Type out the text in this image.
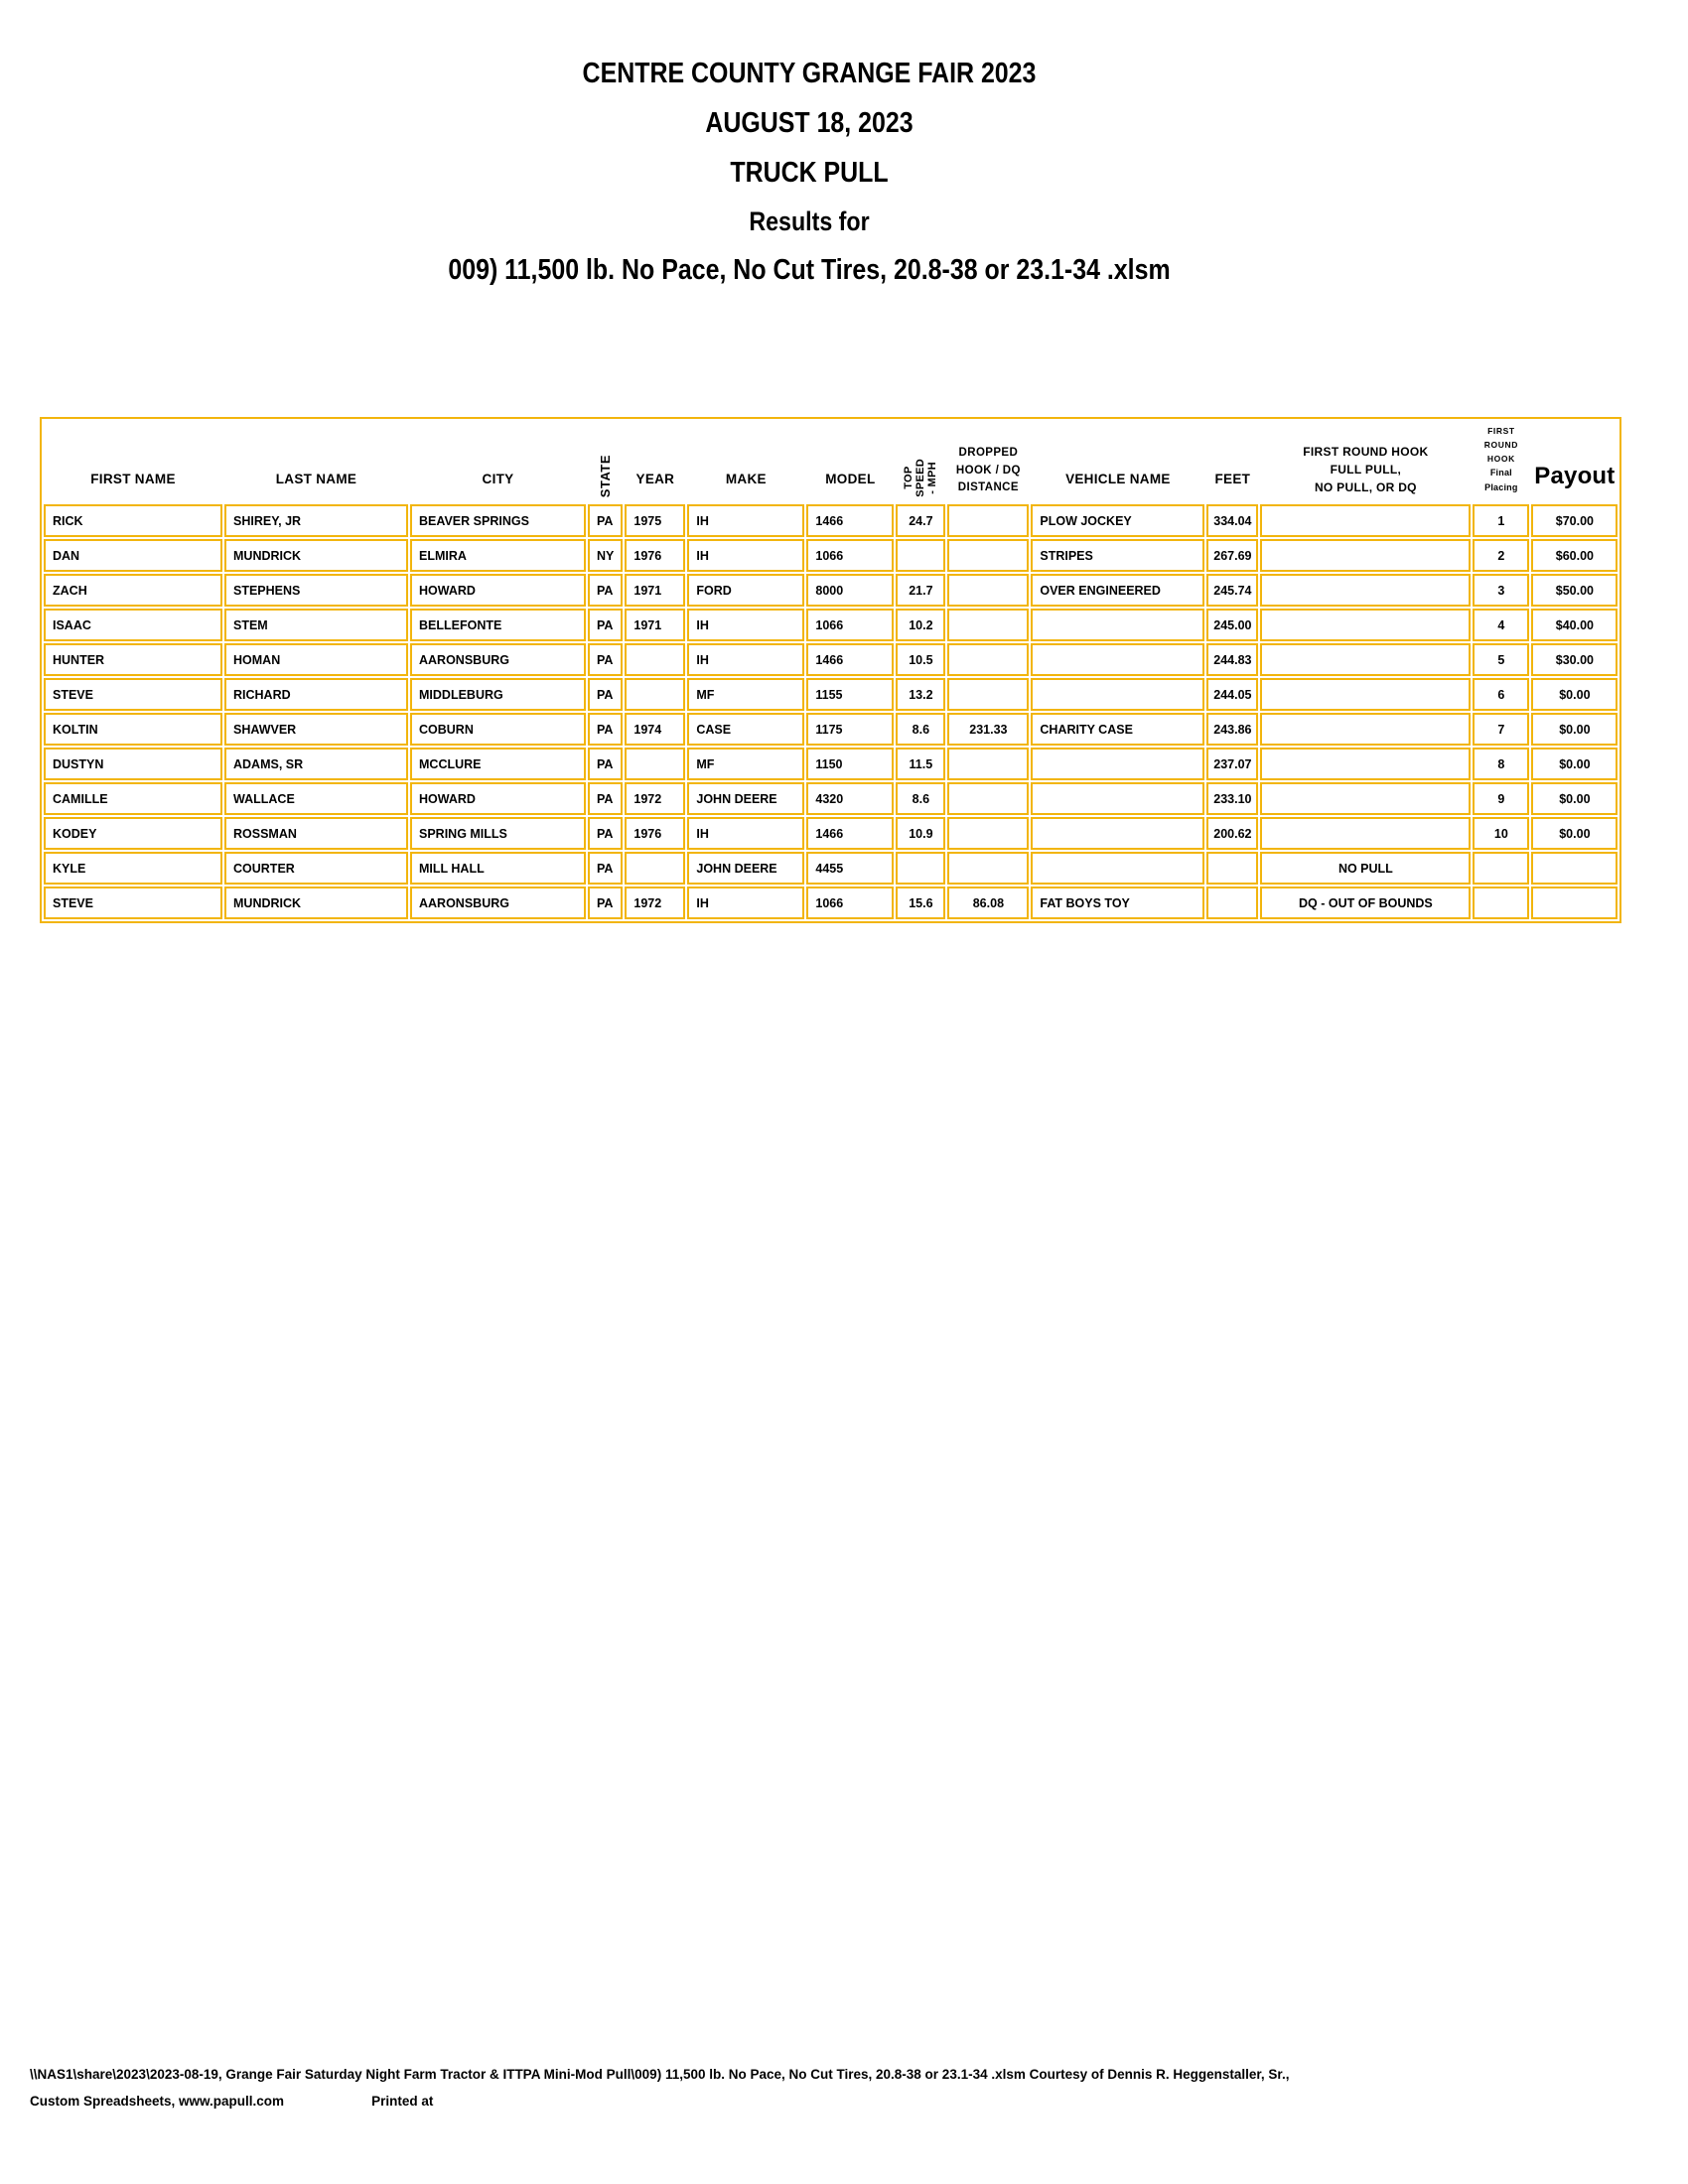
CENTRE COUNTY GRANGE FAIR 2023
AUGUST 18, 2023
TRUCK PULL
Results for
009) 11,500 lb. No Pace, No Cut Tires, 20.8-38 or 23.1-34 .xlsm
FIRST NAME	LAST NAME	CITY	STATE	YEAR	MAKE	MODEL	TOP SPEED - MPH	DROPPED
HOOK / DQ
DISTANCE	VEHICLE NAME	FEET	FIRST ROUND HOOK
FULL PULL,
NO PULL, OR DQ	FIRST ROUND
HOOK
Final Placing	Payout
RICK	SHIREY, JR	BEAVER SPRINGS	PA	1975	IH	1466	24.7		PLOW JOCKEY	334.04		1	$70.00
DAN	MUNDRICK	ELMIRA	NY	1976	IH	1066			STRIPES	267.69		2	$60.00
ZACH	STEPHENS	HOWARD	PA	1971	FORD	8000	21.7		OVER ENGINEERED	245.74		3	$50.00
ISAAC	STEM	BELLEFONTE	PA	1971	IH	1066	10.2			245.00		4	$40.00
HUNTER	HOMAN	AARONSBURG	PA		IH	1466	10.5			244.83		5	$30.00
STEVE	RICHARD	MIDDLEBURG	PA		MF	1155	13.2			244.05		6	$0.00
KOLTIN	SHAWVER	COBURN	PA	1974	CASE	1175	8.6	231.33	CHARITY CASE	243.86		7	$0.00
DUSTYN	ADAMS, SR	MCCLURE	PA		MF	1150	11.5			237.07		8	$0.00
CAMILLE	WALLACE	HOWARD	PA	1972	JOHN DEERE	4320	8.6			233.10		9	$0.00
KODEY	ROSSMAN	SPRING MILLS	PA	1976	IH	1466	10.9			200.62		10	$0.00
KYLE	COURTER	MILL HALL	PA		JOHN DEERE	4455					NO PULL		
STEVE	MUNDRICK	AARONSBURG	PA	1972	IH	1066	15.6	86.08	FAT BOYS TOY		DQ - OUT OF BOUNDS		
\\NAS1\share\2023\2023-08-19, Grange Fair Saturday Night Farm Tractor & ITTPA Mini-Mod Pull\009) 11,500 lb. No Pace, No Cut Tires, 20.8-38 or 23.1-34 .xlsm Courtesy of Dennis R. Heggenstaller, Sr.,
Custom Spreadsheets, www.papull.com	Printed at
